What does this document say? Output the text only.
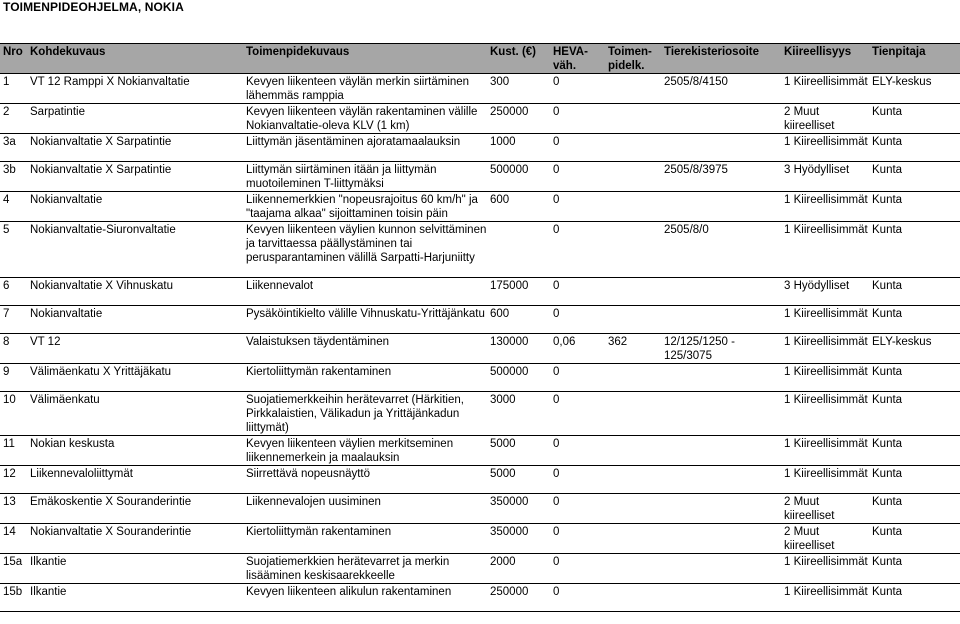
TOIMENPIDEOHJELMA, NOKIA
Nro	Kohdekuvaus	Toimenpidekuvaus	Kust. (€)	HEVA-väh.	Toimen-pidelk.	Tierekisteriosoite	Kiireellisyys	Tienpitaja
1	VT 12 Ramppi X Nokianvaltatie	Kevyen liikenteen väylän merkin siirtäminen lähemmäs ramppia	300	0		2505/8/4150	1 Kiireellisimmät	ELY-keskus
2	Sarpatintie	Kevyen liikenteen väylän rakentaminen välille Nokianvaltatie-oleva KLV (1 km)	250000	0			2 Muut kiireelliset	Kunta
3a	Nokianvaltatie X Sarpatintie	Liittymän jäsentäminen ajoratamaalauksin	1000	0			1 Kiireellisimmät	Kunta
3b	Nokianvaltatie X Sarpatintie	Liittymän siirtäminen itään ja liittymän muotoileminen T-liittymäksi	500000	0		2505/8/3975	3 Hyödylliset	Kunta
4	Nokianvaltatie	Liikennemerkkien "nopeusrajoitus 60 km/h" ja "taajama alkaa" sijoittaminen toisin päin	600	0			1 Kiireellisimmät	Kunta
5	Nokianvaltatie-Siuronvaltatie	Kevyen liikenteen väylien kunnon selvittäminen ja tarvittaessa päällystäminen tai perusparantaminen välillä Sarpatti-Harjuniitty		0		2505/8/0	1 Kiireellisimmät	Kunta
6	Nokianvaltatie X Vihnuskatu	Liikennevalot	175000	0			3 Hyödylliset	Kunta
7	Nokianvaltatie	Pysäköintikielto välille Vihnuskatu-Yrittäjänkatu	600	0			1 Kiireellisimmät	Kunta
8	VT 12	Valaistuksen täydentäminen	130000	0,06	362	12/125/1250 - 125/3075	1 Kiireellisimmät	ELY-keskus
9	Välimäenkatu X Yrittäjäkatu	Kiertoliittymän rakentaminen	500000	0			1 Kiireellisimmät	Kunta
10	Välimäenkatu	Suojatiemerkkeihin herätevarret (Härkitien, Pirkkalaistien, Välikadun ja Yrittäjänkadun liittymät)	3000	0			1 Kiireellisimmät	Kunta
11	Nokian keskusta	Kevyen liikenteen väylien merkitseminen liikennemerkein ja maalauksin	5000	0			1 Kiireellisimmät	Kunta
12	Liikennevaloliittymät	Siirrettävä nopeusnäyttö	5000	0			1 Kiireellisimmät	Kunta
13	Emäkoskentie X Souranderintie	Liikennevalojen uusiminen	350000	0			2 Muut kiireelliset	Kunta
14	Nokianvaltatie X Souranderintie	Kiertoliittymän rakentaminen	350000	0			2 Muut kiireelliset	Kunta
15a	Ilkantie	Suojatiemerkkien herätevarret ja merkin lisääminen keskisaarekkeelle	2000	0			1 Kiireellisimmät	Kunta
15b	Ilkantie	Kevyen liikenteen alikulun rakentaminen	250000	0			1 Kiireellisimmät	Kunta
